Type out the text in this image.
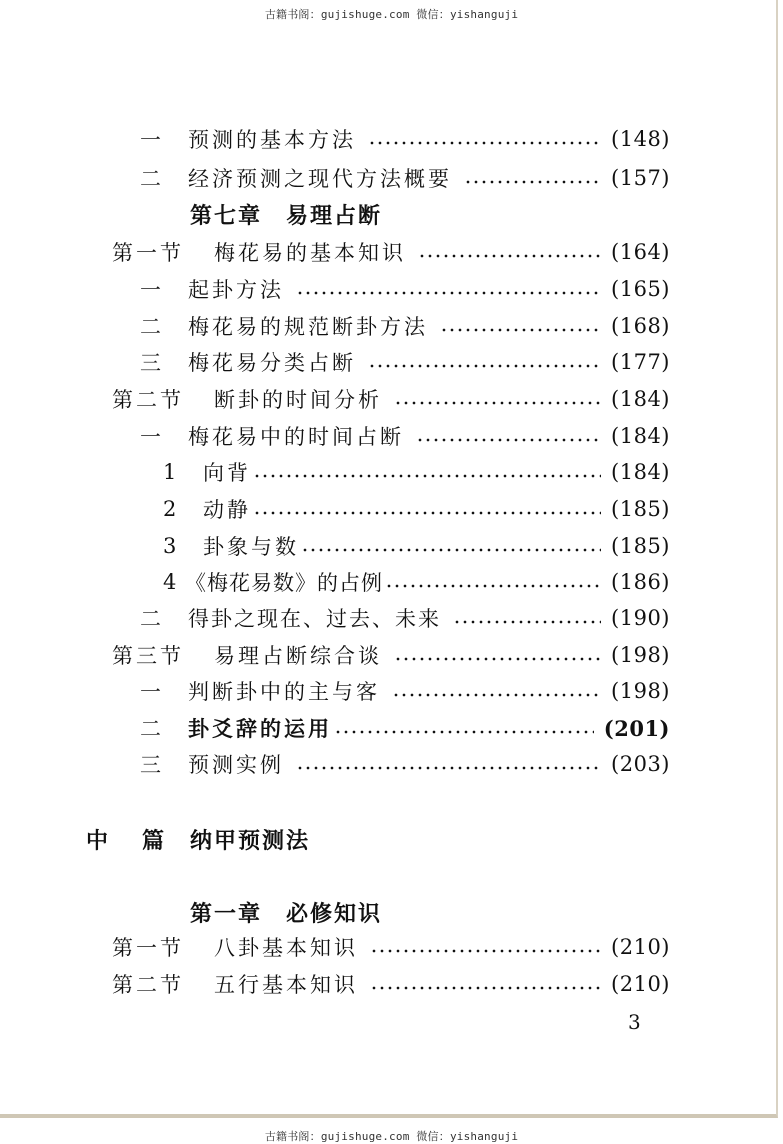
古籍书阁：gujishuge.com 微信：yishanguji
一	预测的基本方法	(148)
二	经济预测之现代方法概要	(157)
第七章　易理占断
第一节	梅花易的基本知识	(164)
一	起卦方法	(165)
二	梅花易的规范断卦方法	(168)
三	梅花易分类占断	(177)
第二节	断卦的时间分析	(184)
一	梅花易中的时间占断	(184)
1	向背	(184)
2	动静	(185)
3	卦象与数	(185)
4 《梅花易数》的占例	(186)
二	得卦之现在、过去、未来	(190)
第三节	易理占断综合谈	(198)
一	判断卦中的主与客	(198)
二	卦爻辞的运用	(201)
三	预测实例	(203)
中　篇 纳甲预测法
第一章　必修知识
第一节	八卦基本知识	(210)
第二节	五行基本知识	(210)
3
古籍书阁：gujishuge.com 微信：yishanguji
